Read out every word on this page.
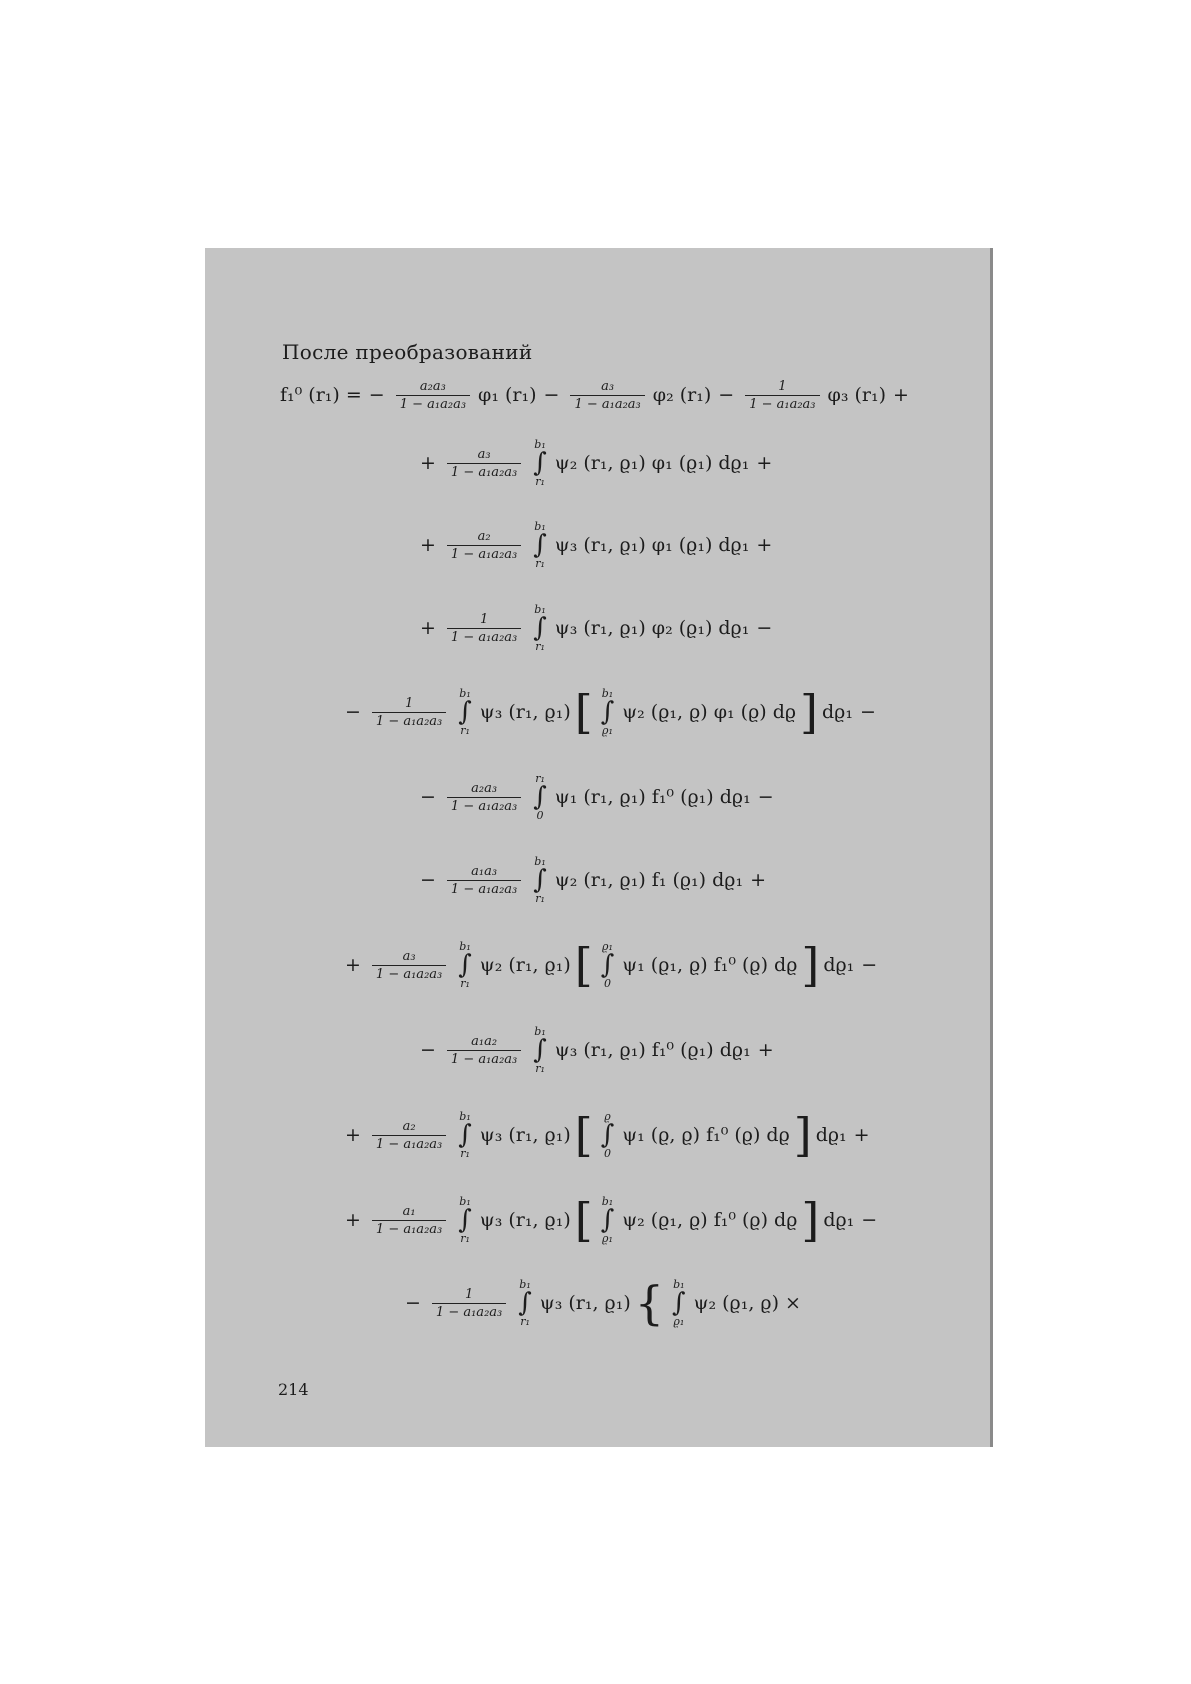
После преобразований
f₁⁰ (r₁) = − $\frac{\text{a₂a₃}}{\text{1 − a₁a₂a₃}} \varphi_1$ $(r_1) - \frac{\text{a₃}}{\text{1 − a₁a₂a₃}} \varphi_2$ $(r_1) - \frac{1}{\text{1 − a₁a₂a₃}} \varphi_3$ (r₁) +
+ $\frac{\text{a₃}}{\text{1 − a₁a₂a₃}}$
b₁
∫
r₁
ψ₂ (r₁, ϱ₁) φ₁ (ϱ₁) dϱ₁ +
+ $\frac{\text{a₂}}{\text{1 − a₁a₂a₃}}$
b₁
∫
r₁
ψ₃ (r₁, ϱ₁) φ₁ (ϱ₁) dϱ₁ +
+ $\frac{1}{\text{1 − a₁a₂a₃}}$
b₁
∫
r₁
ψ₃ (r₁, ϱ₁) φ₂ (ϱ₁) dϱ₁ −
− $\frac{1}{\text{1 − a₁a₂a₃}}$
b₁
∫
r₁
ψ₃ (r₁, ϱ₁) [ b₁
∫
ϱ₁
ψ₂ (ϱ₁, ϱ) φ₁ (ϱ) dϱ ] dϱ₁ −
− $\frac{\text{a₂a₃}}{\text{1 − a₁a₂a₃}}$
r₁
∫
0
ψ₁ (r₁, ϱ₁) f₁⁰ (ϱ₁) dϱ₁ −
− $\frac{\text{a₁a₃}}{\text{1 − a₁a₂a₃}}$
b₁
∫
r₁
ψ₂ (r₁, ϱ₁) f₁ (ϱ₁) dϱ₁ +
+ $\frac{\text{a₃}}{\text{1 − a₁a₂a₃}}$
b₁
∫
r₁
ψ₂ (r₁, ϱ₁) [ ϱ₁
∫
0
ψ₁ (ϱ₁, ϱ) f₁⁰ (ϱ) dϱ ] dϱ₁ −
− $\frac{\text{a₁a₂}}{\text{1 − a₁a₂a₃}}$
b₁
∫
r₁
ψ₃ (r₁, ϱ₁) f₁⁰ (ϱ₁) dϱ₁ +
+ $\frac{\text{a₂}}{\text{1 − a₁a₂a₃}}$
b₁
∫
r₁
ψ₃ (r₁, ϱ₁) [ ϱ
∫
0
ψ₁ (ϱ, ϱ) f₁⁰ (ϱ) dϱ ] dϱ₁ +
+ $\frac{\text{a₁}}{\text{1 − a₁a₂a₃}}$
b₁
∫
r₁
ψ₃ (r₁, ϱ₁) [ b₁
∫
ϱ₁
ψ₂ (ϱ₁, ϱ) f₁⁰ (ϱ) dϱ ] dϱ₁ −
− $\frac{1}{\text{1 − a₁a₂a₃}}$
b₁
∫
r₁
ψ₃ (r₁, ϱ₁) { b₁
∫
ϱ₁
ψ₂ (ϱ₁, ϱ) ×
214
